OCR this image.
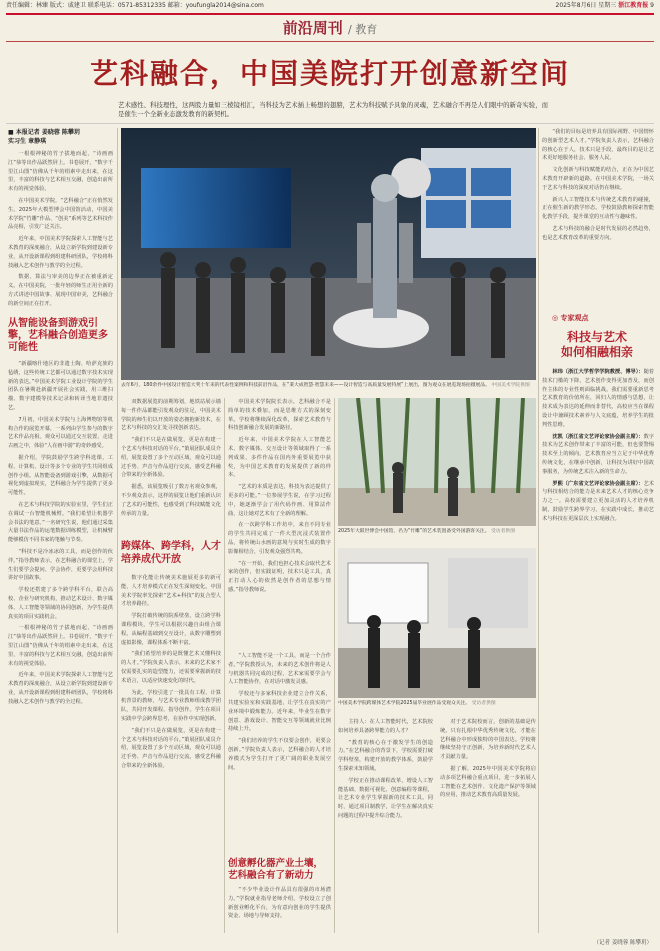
责任编辑：林臻 版式：戚建卫 联系电话：0571-85312335 邮箱：youfungla2014@sina.com	2025年8月6日 星期三 浙江教育报 9
前沿周刊 / 教育
艺科融合，中国美院打开创意新空间
艺术感性、科技理性，这两股力量如三棱镜相汇，当科技为艺术插上畅想的翅膀，艺术为科技赋予具象的灵魂，艺术融合不再是人们眼中的新奇实验，而是催生一个全新业态激发教育的新契机。
■ 本报记者 姜晓蓉 陈攀玥
实习生 章静琪

一根根神秘的竹子拔地而起，“诗画画江”恭等出作品跃然屏上。书卷展开，“数字千里江山图”仿佛从千年的绢素中走出来，在这里，丰富的科技与艺术相互交融，创造出前所未有的视觉体验。

在中国美术学院，“艺科融合”正在悄然发生。2025年大模型博会中国馆活动，中国美术学院“竹雕”作品、“创美”系列等艺术科技作品亮相，引发广泛关注。

近年来，中国美术学院探索人工智能与艺术教育的深度融合，从设立新学院到建设新专业，从开设新课程到组建科研团队，学校将科技融入艺术创作与教学的全过程。

数据、算法与审美的边界正在被重新定义。在中国美院，一批年轻的师生正用全新的方式讲述中国故事、展现中国审美，艺科融合的新空间正在打开。

从智能设备到游戏引擎，艺科融合创造更多可能性

“新疆喀什地区的非遗土陶、哈萨克族的毡绣，这些传统工艺都可以通过数字技术实现新的表达。”中国美术学院工业设计学院的学生团队在暑期赴新疆开展社会实践，用三维扫描、数字建模等技术记录和转译当地非遗技艺。

7月初，中国美术学院与上海博物馆等机构合作的展览开幕，一系列由学生参与的数字艺术作品亮相。观众可以通过交互装置，走进古画之中，体验“人在画中游”的奇妙感受。

据介绍，学院鼓励学生跨学科选课，工程、计算机、设计等多个专业的学生共同组成创作小组。从智能设备到游戏引擎，从数据可视化到虚拟现实，艺科融合为学生提供了更多可能性。

在艺术与科技学院的实验室里，学生们正在调试一台智能机械臂。“我们希望让机器学会书法的笔意。”一名研究生说，他们通过采集大量书法作品的运笔数据训练模型，让机械臂能够模仿不同书家的笔触与节奏。

“科技不是冷冰冰的工具，而是创作的伙伴。”指导教师表示，在艺科融合的课堂上，学生们要学会提问、学会协作，更要学会用科技讲好中国故事。

学校还搭建了多个跨学科平台，联合高校、企业与研究机构，推动艺术设计、数字媒体、人工智能等领域的协同创新，为学生提供真实的项目实践机会。

一根根神秘的竹子拔地而起，“诗画画江”恭等出作品跃然屏上。书卷展开，“数字千里江山图”仿佛从千年的绢素中走出来，在这里，丰富的科技与艺术相互交融，创造出前所未有的视觉体验。

近年来，中国美术学院探索人工智能与艺术教育的深度融合，从设立新学院到建设新专业，从开设新课程到组建科研团队，学校将科技融入艺术创作与教学的全过程。

去年6月，180余件中国设计智造大奖十年来的代表性案例和科技前沿作品，在“秉大成智慧·智慧未来——设计智造与高质量发展特展”上展出，图为观众在展览现场拍摄展品。 中国美术学院供图

双数据展览的前期筹划，地铁站展示墙每一件作品都能引发观众的驻足，中国美术学院的师生们以开放的姿态拥抱新技术，在艺术与科技的交汇处寻找创新表达。

“我们不只是在做展览，更是在构建一个艺术与科技对话的平台。”策展团队成员介绍，展览设置了多个互动区域，观众可以通过手势、声音与作品进行交流，感受艺科融合带来的全新体验。

据悉，该展览吸引了数万名观众参观，不少观众表示，这样的展览让他们重新认识了艺术的可能性，也感受到了科技赋能文化传承的力量。

跨媒体、跨学科，人才培养成代开放

数字化能让传统美术施展更多的新可能，人才培养模式正在发生深刻变化。中国美术学院率先探索“艺术+科技”的复合型人才培养路径。

学院打破传统的院系壁垒，设立跨学科课程模块，学生可以根据兴趣自由组合课程。从编程基础到交互设计，从数字雕塑到虚拟影像，课程体系不断丰富。

“我们希望培养的是既懂艺术又懂科技的人才。”学院负责人表示，未来的艺术家不仅需要扎实的造型能力，还需要掌握新的技术语言，以适应快速变化的时代。

为此，学校引进了一批具有工程、计算机背景的教师，与艺术专业教师组成教学团队，共同开发课程、指导创作。学生在项目实践中学会跨界思考，在协作中实现创新。

“我们不只是在做展览，更是在构建一个艺术与科技对话的平台。”策展团队成员介绍，展览设置了多个互动区域，观众可以通过手势、声音与作品进行交流，感受艺科融合带来的全新体验。

中国美术学院院长表示，艺科融合不是简单的技术叠加，而是思维方式的深刻变革。学校将继续深化改革，探索艺术教育与科技创新融合发展的新路径。

近年来，中国美术学院在人工智能艺术、数字媒体、交互设计等领域取得了一系列成果，多件作品在国内外重要展览中获奖，为中国艺术教育的发展提供了新的样本。

“艺术的本质是表达，科技为表达提供了更多的可能。”一位参展学生说，在学习过程中，她逐渐学会了用代码作画、用算法作曲，这让她对艺术有了全新的理解。

在一次跨学科工作坊中，来自不同专业的学生共同完成了一件大型沉浸式装置作品，将传统山水画的意境与实时生成的数字影像相结合，引发观众强烈共鸣。

“在一开始，我们也担心技术会取代艺术家的创作，但实践证明，技术只是工具，真正打动人心的依然是创作者的思想与情感。”指导教师说。

“人工智能不是一个工具，而是一个合作者。”学院教授认为，未来的艺术创作将是人与机器共同完成的过程，艺术家需要学会与人工智能协作，在对话中激发灵感。

学校还与多家科技企业建立合作关系，共建实验室和实践基地，让学生在真实的产业环境中锻炼能力。近年来，毕业生在数字创意、游戏设计、智能交互等领域就业比例持续上升。

“我们培养的学生不仅要会创作，更要会创新。”学院负责人表示，艺科融合的人才培养模式为学生打开了更广阔的职业发展空间。

创意孵化器产业土壤，艺科融合有了新动力

“不少毕业设计作品具有很强的市场潜力。”学院就业指导老师介绍，学校设立了创新创业孵化平台，为有意向创业的学生提供资金、场地与导师支持。

2025年大阪世博会中国馆，名为“竹雕”的艺术装置备受外国游客关注。 受访者供图
中国美术学院跨媒体艺术学院2025届毕业展作品受观众关注。 受访者供图

主持人：在人工智能时代，艺术院校如何培养具备跨界能力的人才？

“教育的核心在于激发学生的创造力。”在艺科融合的背景下，学校需要打破学科壁垒，构建开放的教学体系，鼓励学生探索未知领域。

学校正在推动课程改革，增设人工智能基础、数据可视化、创意编程等课程，让艺术专业学生掌握新的技术工具。同时，通过项目制教学，让学生在解决真实问题的过程中提升综合能力。

对于艺术院校而言，创新的基础是传统。只有扎根中华优秀传统文化，才能在艺科融合中形成独特的中国表达。学校将继续坚持守正创新，为培养新时代艺术人才贡献力量。

据了解，2025年中国美术学院将启动多项艺科融合重点项目，进一步拓展人工智能在艺术创作、文化遗产保护等领域的应用，推动艺术教育高质量发展。

“我们的目标是培养具有国际视野、中国情怀的创新型艺术人才。”学院负责人表示，艺科融合的核心在于人，技术只是手段，最终目的是让艺术更好地服务社会、服务人民。

文化创新与科技赋能的结合，正在为中国艺术教育开辟新的道路。在中国美术学院，一场关于艺术与科技的深度对话仍在继续。

新兴人工智能技术与传统艺术教育的碰撞，正在催生新的教学形态。学校鼓励教师探索智能化教学手段，提升课堂的互动性与趣味性。

艺术与科技的融合是时代发展的必然趋势，也是艺术教育改革的重要方向。

◎ 专家观点
科技与艺术
如何相融相亲

林玮（浙江大学哲学学院教授、博导）：随着技术门槛的下降，艺术创作变得更加普及，而创作主体的专业性则面临挑战。我们需要重新思考艺术教育的价值所在，回归人的情感与思想，让技术成为表达的延伸而非替代。高校应当在课程设计中兼顾技术素养与人文底蕴，培养学生的批判性思维。

沈凯（浙江省文艺评论家协会副主席）：数字技术为艺术创作带来了丰富的可能，但也要警惕技术至上的倾向。艺术教育应当立足于中华优秀传统文化，在继承中创新，让科技为讲好中国故事服务，为传统艺术注入新的生命力。

罗熙（广东省文艺评论家协会副主席）：艺术与科技相结合的能力是未来艺术人才的核心竞争力之一。高校需要建立更加灵活的人才培养机制，鼓励学生跨界学习，在实践中成长，推动艺术与科技在更深层次上实现融合。

（记者 姜晓蓉 陈攀玥）
